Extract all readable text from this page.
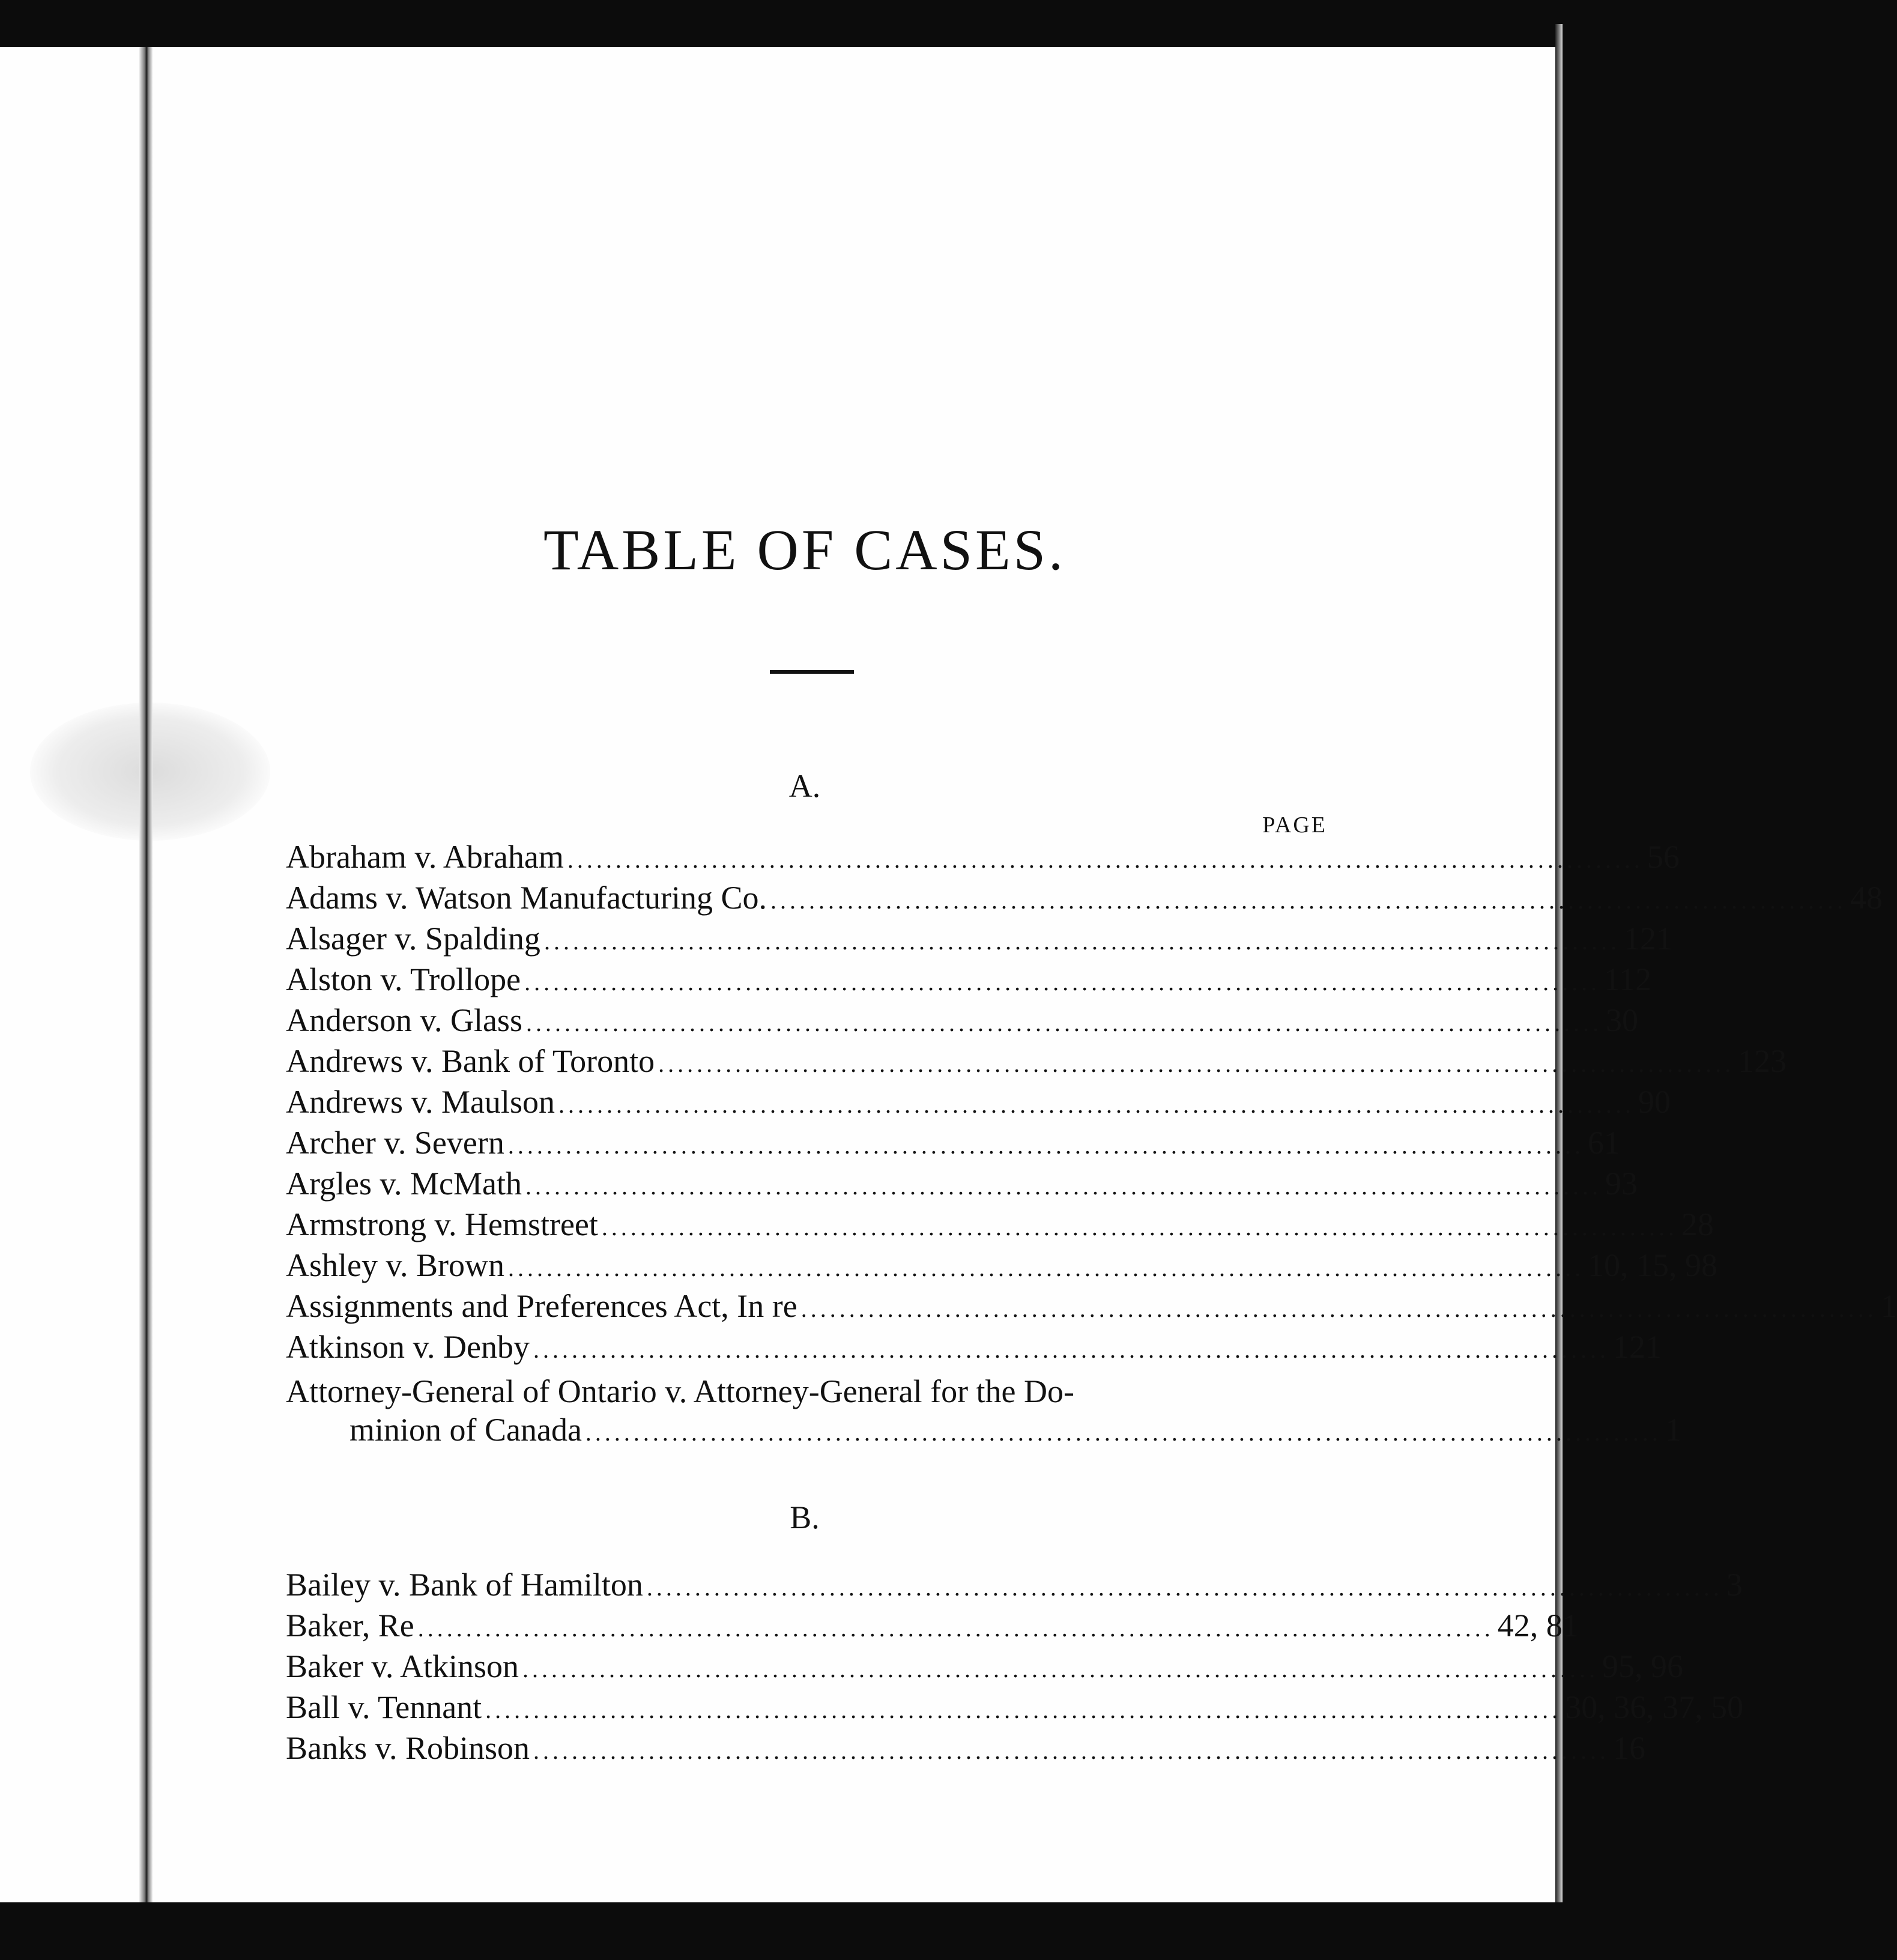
TABLE OF CASES.
A.
PAGE
Abraham v. Abraham ................................................................................................................ 56
Adams v. Watson Manufacturing Co. ................................................................................................................ 48
Alsager v. Spalding ................................................................................................................ 121
Alston v. Trollope ................................................................................................................ 112
Anderson v. Glass ................................................................................................................ 30
Andrews v. Bank of Toronto ................................................................................................................ 123
Andrews v. Maulson ................................................................................................................ 90
Archer v. Severn ................................................................................................................ 61
Argles v. McMath ................................................................................................................ 93
Armstrong v. Hemstreet ................................................................................................................ 28
Ashley v. Brown ................................................................................................................ 10, 15, 98
Assignments and Preferences Act, In re ................................................................................................................ 1
Atkinson v. Denby ................................................................................................................ 121
Attorney-General of Ontario v. Attorney-General for the Do-
minion of Canada ................................................................................................................ 1
B.
Bailey v. Bank of Hamilton ................................................................................................................ 3
Baker, Re ................................................................................................................ 42, 81
Baker v. Atkinson ................................................................................................................ 95, 96
Ball v. Tennant ................................................................................................................ 30, 36, 37, 50
Banks v. Robinson ................................................................................................................ 16
